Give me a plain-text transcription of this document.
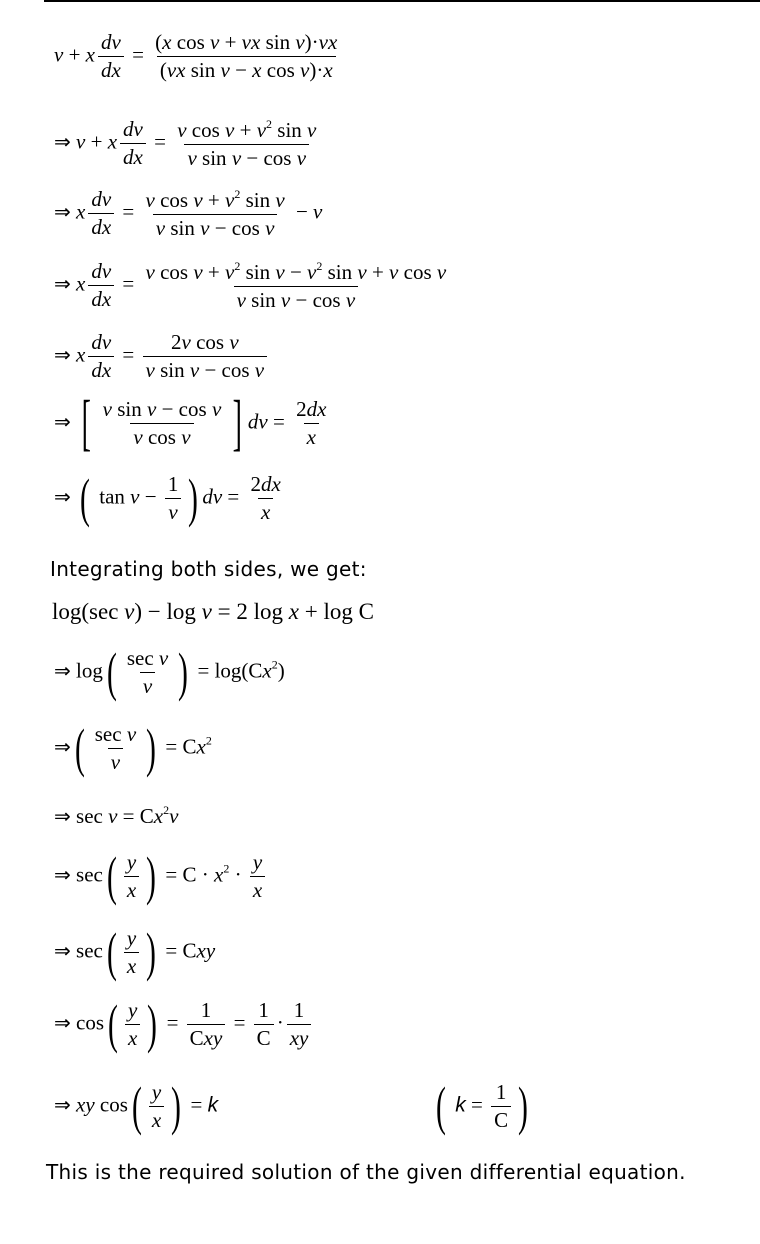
v + x $\frac{dv}{dx} = \frac{\text{(x cos v + vx sin v)·vx}}{\text{(vx sin v − x cos v)·x}}$
⇒ v + x $\frac{dv}{dx} = \frac{v \cos v + v^2 \sin v}{\text{v sin v − cos v}}$
⇒ x $\frac{dv}{dx} = \frac{v \cos v + v^2 \sin v}{\text{v sin v − cos v}} - v$
⇒ x $\frac{dv}{dx} = \frac{v \cos v + v^2 \sin v - v^2 \sin v + v \cos v}{\text{v sin v − cos v}}$
⇒ x $\frac{dv}{dx} = \frac{\text{2v cos v}}{\text{v sin v − cos v}}$
⇒ [ $\frac{\text{v sin v − cos v}}{\text{v cos v}}$ ] dv = $\frac{2dx}{x}$
⇒ ( $\tan v - \frac{1}{v}$ ) dv = $\frac{2dx}{x}$
Integrating both sides, we get:
log(sec v) − log v = 2 log x + log C
⇒ $\log( \frac{\text{sec v}}{v}$ ) = $\log(Cx^2)$
⇒( $\frac{\text{sec v}}{v}$ ) = $Cx^2$
⇒ $\sec v = Cx^2v$
⇒ $\sec( \frac{y}{x}$ ) = $C \cdot x^2 \cdot \frac{y}{x}$
⇒ $\sec( \frac{y}{x}$ ) = Cxy
⇒ $\cos( \frac{y}{x}$ ) = $\frac{1}{\text{Cxy}} = \frac{1}{C} \cdot \frac{1}{xy}$
⇒ xy $\cos( \frac{y}{x}$ ) = k	( $k = \frac{1}{C}$ )
This is the required solution of the given differential equation.
